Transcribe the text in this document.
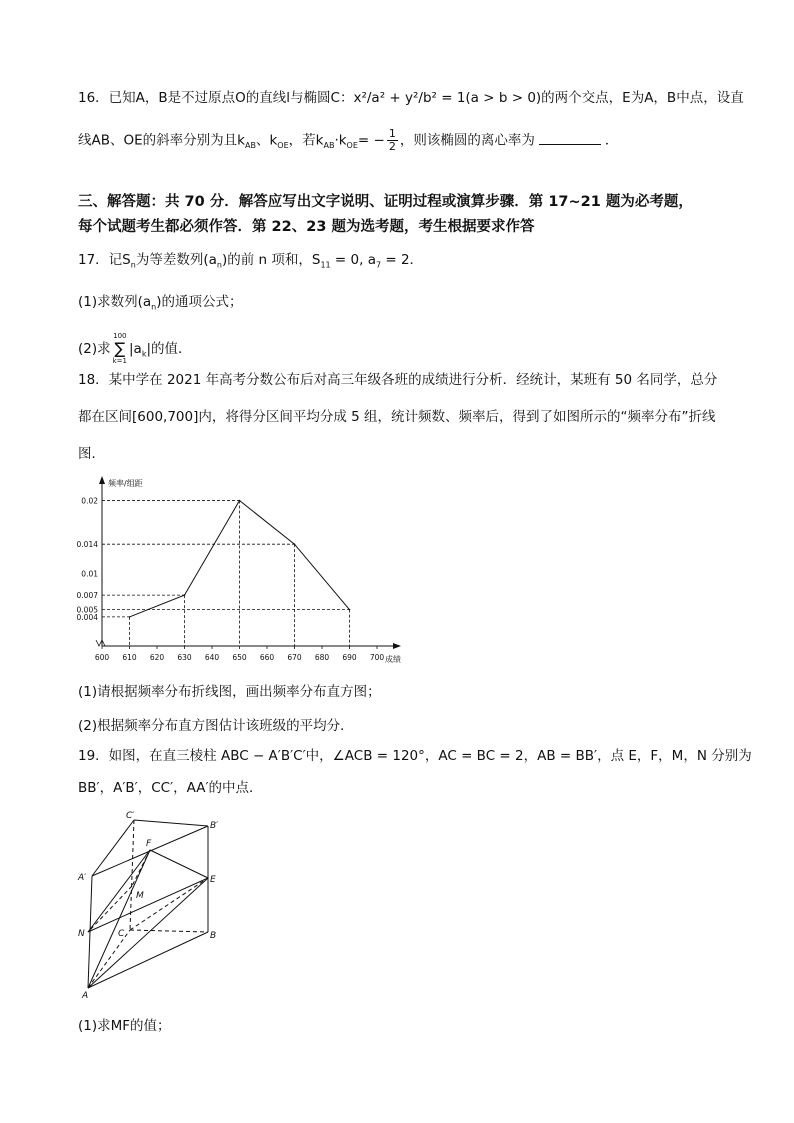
16．已知A，B是不过原点O的直线l与椭圆C：x²/a² + y²/b² = 1(a > b > 0)的两个交点，E为A，B中点，设直
线AB、OE的斜率分别为且$k_{AB}$、$k_{OE}$，若$k_{AB}\cdot k_{OE}= - \frac{1}{2}$ ，则该椭圆的离心率为	．
三、解答题：共 70 分．解答应写出文字说明、证明过程或演算步骤．第 17~21 题为必考题，
每个试题考生都必须作答．第 22、23 题为选考题，考生根据要求作答
17．记$S_n$为等差数列$(a_n)$的前 n 项和，$S_{11} = 0$, $a_7 = 2$．
(1)求数列$(a_n)$的通项公式；
(2)求
100
∑
k=1
$|a_k|$的值．
18．某中学在 2021 年高考分数公布后对高三年级各班的成绩进行分析．经统计，某班有 50 名同学，总分
都在区间[600,700]内，将得分区间平均分成 5 组，统计频数、频率后，得到了如图所示的“频率分布”折线
图．
频率/组距
成绩
600 610 620 630 640 650 660 670 680 690 700
0.02
0.014
0.01
0.007
0.005
0.004
(1)请根据频率分布折线图，画出频率分布直方图；
(2)根据频率分布直方图估计该班级的平均分．
19．如图，在直三棱柱 ABC − A′B′C′中，∠ACB = 120°，AC = BC = 2，AB = BB′，点 E，F，M，N 分别为
BB′，A′B′，CC′，AA′的中点．
C′
B′
F
A′	E
M
N	C	B
A
(1)求MF的值；
